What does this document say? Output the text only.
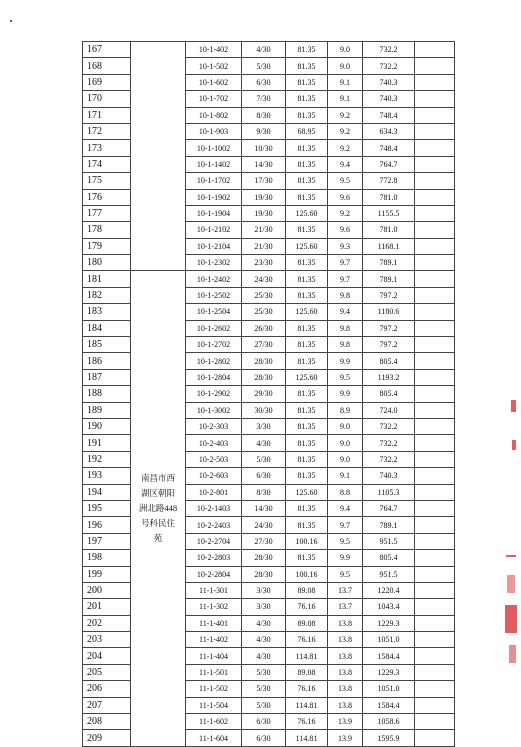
167		10-1-402	4/30	81.35	9.0	732.2	
168		10-1-502	5/30	81.35	9.0	732.2	
169		10-1-602	6/30	81.35	9.1	740.3	
170		10-1-702	7/30	81.35	9.1	740.3	
171		10-1-802	8/30	81.35	9.2	748.4	
172		10-1-903	9/30	68.95	9.2	634.3	
173		10-1-1002	10/30	81.35	9.2	748.4	
174		10-1-1402	14/30	81.35	9.4	764.7	
175		10-1-1702	17/30	81.35	9.5	772.8	
176		10-1-1902	19/30	81.35	9.6	781.0	
177		10-1-1904	19/30	125.60	9.2	1155.5	
178		10-1-2102	21/30	81.35	9.6	781.0	
179		10-1-2104	21/30	125.60	9.3	1168.1	
180		10-1-2302	23/30	81.35	9.7	789.1	
181	南昌市西湖区朝阳洲北路448号科民住苑	10-1-2402	24/30	81.35	9.7	789.1	
182		10-1-2502	25/30	81.35	9.8	797.2	
183		10-1-2504	25/30	125.60	9.4	1180.6	
184		10-1-2602	26/30	81.35	9.8	797.2	
185		10-1-2702	27/30	81.35	9.8	797.2	
186		10-1-2802	28/30	81.35	9.9	805.4	
187		10-1-2804	28/30	125.60	9.5	1193.2	
188		10-1-2902	29/30	81.35	9.9	805.4	
189		10-1-3002	30/30	81.35	8.9	724.0	
190		10-2-303	3/30	81.35	9.0	732.2	
191		10-2-403	4/30	81.35	9.0	732.2	
192		10-2-503	5/30	81.35	9.0	732.2	
193		10-2-603	6/30	81.35	9.1	740.3	
194		10-2-801	8/30	125.60	8.8	1105.3	
195		10-2-1403	14/30	81.35	9.4	764.7	
196		10-2-2403	24/30	81.35	9.7	789.1	
197		10-2-2704	27/30	100.16	9.5	951.5	
198		10-2-2803	28/30	81.35	9.9	805.4	
199		10-2-2804	28/30	100.16	9.5	951.5	
200		11-1-301	3/30	89.08	13.7	1220.4	
201		11-1-302	3/30	76.16	13.7	1043.4	
202		11-1-401	4/30	89.08	13.8	1229.3	
203		11-1-402	4/30	76.16	13.8	1051.0	
204		11-1-404	4/30	114.81	13.8	1584.4	
205		11-1-501	5/30	89.08	13.8	1229.3	
206		11-1-502	5/30	76.16	13.8	1051.0	
207		11-1-504	5/30	114.81	13.8	1584.4	
208		11-1-602	6/30	76.16	13.9	1058.6	
209		11-1-604	6/30	114.81	13.9	1595.9	
